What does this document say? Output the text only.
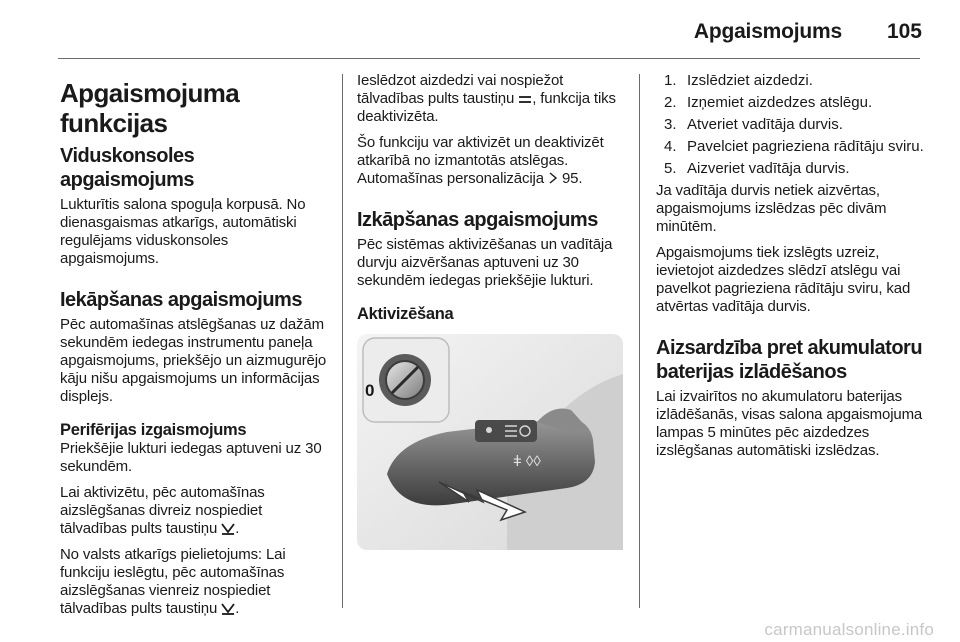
Apgaismojums 105
Apgaismojuma funkcijas
Viduskonsoles apgaismojums
Lukturītis salona spoguļa korpusā. No dienasgaismas atkarīgs, automātiski regulējams viduskonsoles apgaismojums.
Iekāpšanas apgaismojums
Pēc automašīnas atslēgšanas uz dažām sekundēm iedegas instrumentu paneļa apgaismojums, priekšējo un aizmugurējo kāju nišu apgaismojums un informācijas displejs.
Perifērijas izgaismojums
Priekšējie lukturi iedegas aptuveni uz 30 sekundēm.
Lai aktivizētu, pēc automašīnas aizslēgšanas divreiz nospiediet tālvadības pults taustiņu .
No valsts atkarīgs pielietojums: Lai funkciju ieslēgtu, pēc automašīnas aizslēgšanas vienreiz nospiediet tālvadības pults taustiņu .
Ieslēdzot aizdedzi vai nospiežot tālvadības pults taustiņu , funkcija tiks deaktivizēta.
Šo funkciju var aktivizēt un deaktivizēt atkarībā no izmantotās atslēgas. Automašīnas personalizācija 95.
Izkāpšanas apgaismojums
Pēc sistēmas aktivizēšanas un vadītāja durvju aizvēršanas aptuveni uz 30 sekundēm iedegas priekšējie lukturi.
Aktivizēšana
0
ǂ ◊◊
1. Izslēdziet aizdedzi.
2. Izņemiet aizdedzes atslēgu.
3. Atveriet vadītāja durvis.
4. Pavelciet pagrieziena rādītāju sviru.
5. Aizveriet vadītāja durvis.
Ja vadītāja durvis netiek aizvērtas, apgaismojums izslēdzas pēc divām minūtēm.
Apgaismojums tiek izslēgts uzreiz, ievietojot aizdedzes slēdzī atslēgu vai pavelkot pagrieziena rādītāju sviru, kad atvērtas vadītāja durvis.
Aizsardzība pret akumulatoru baterijas izlādēšanos
Lai izvairītos no akumulatoru baterijas izlādēšanās, visas salona apgaismojuma lampas 5 minūtes pēc aizdedzes izslēgšanas automātiski izslēdzas.
carmanualsonline.info
